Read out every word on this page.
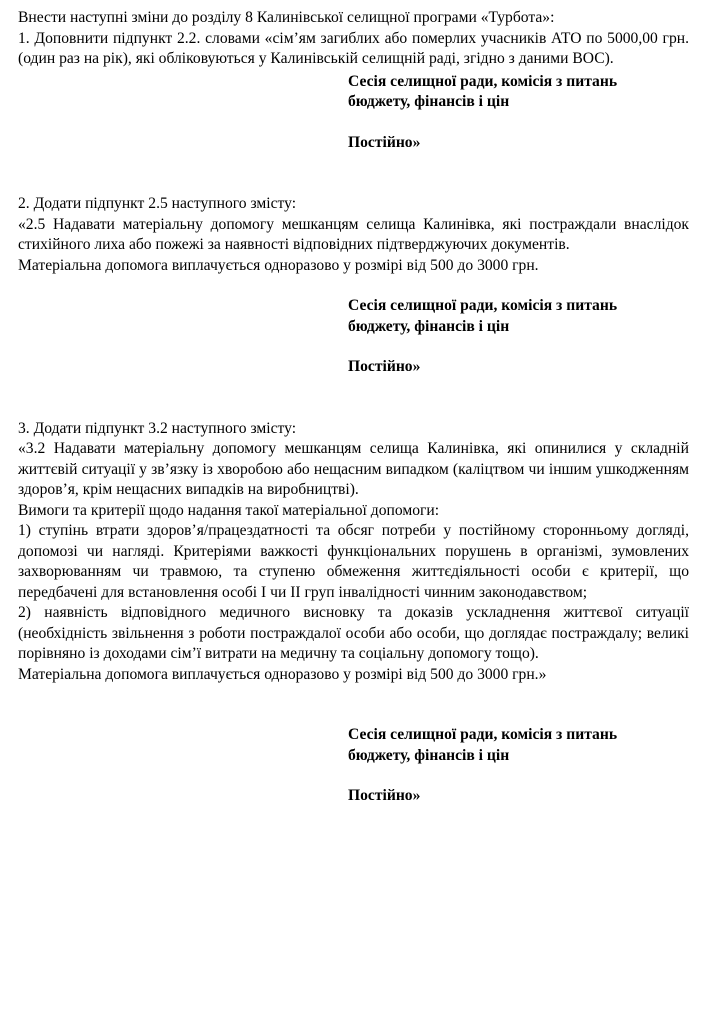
Внести наступні зміни до розділу 8 Калинівської селищної програми «Турбота»:

1. Доповнити підпункт 2.2. словами «сім’ям загиблих або померлих учасників АТО по 5000,00 грн. (один раз на рік), які обліковуються у Калинівській селищній раді, згідно з даними ВОС).

Сесія селищної ради, комісія з питань

бюджету, фінансів і цін

Постійно»

2. Додати підпункт 2.5 наступного змісту:

«2.5 Надавати матеріальну допомогу мешканцям селища Калинівка, які постраждали внаслідок стихійного лиха або пожежі за наявності відповідних підтверджуючих документів.

Матеріальна допомога виплачується одноразово у розмірі від 500 до 3000 грн.

Сесія селищної ради, комісія з питань

бюджету, фінансів і цін

Постійно»

3. Додати підпункт 3.2 наступного змісту:

«3.2 Надавати матеріальну допомогу мешканцям селища Калинівка, які опинилися у складній життєвій ситуації у зв’язку із хворобою або нещасним випадком (каліцтвом чи іншим ушкодженням здоров’я, крім нещасних випадків на виробництві).

Вимоги та критерії щодо надання такої матеріальної допомоги:

1) ступінь втрати здоров’я/працездатності та обсяг потреби у постійному сторонньому догляді, допомозі чи нагляді. Критеріями важкості функціональних порушень в організмі, зумовлених захворюванням чи травмою, та ступеню обмеження життєдіяльності особи є критерії, що передбачені для встановлення особі І чи ІІ груп інвалідності чинним законодавством;

2) наявність відповідного медичного висновку та доказів ускладнення життєвої ситуації (необхідність звільнення з роботи постраждалої особи або особи, що доглядає постраждалу; великі порівняно із доходами сім’ї витрати на медичну та соціальну допомогу тощо).

Матеріальна допомога виплачується одноразово у розмірі від 500 до 3000 грн.»

Сесія селищної ради, комісія з питань

бюджету, фінансів і цін

Постійно»
